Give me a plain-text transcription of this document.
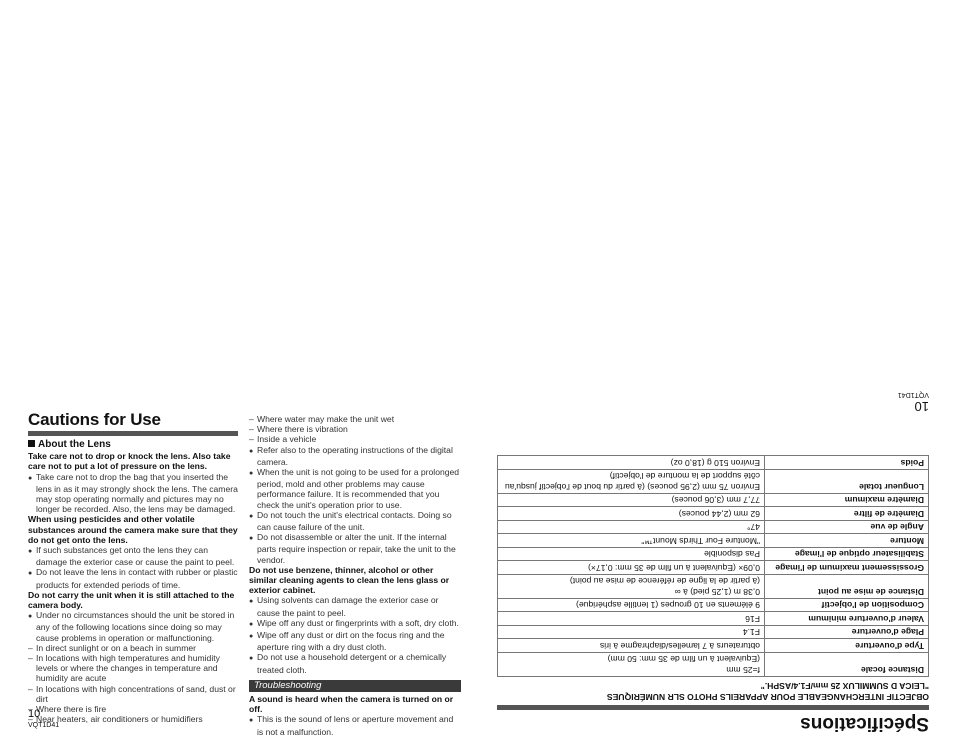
Cautions for Use

About the Lens

Take care not to drop or knock the lens. Also take care not to put a lot of pressure on the lens.

● Take care not to drop the bag that you inserted the lens in as it may strongly shock the lens. The camera may stop operating normally and pictures may no longer be recorded. Also, the lens may be damaged.

When using pesticides and other volatile substances around the camera make sure that they do not get onto the lens.

● If such substances get onto the lens they can damage the exterior case or cause the paint to peel.

● Do not leave the lens in contact with rubber or plastic products for extended periods of time.

Do not carry the unit when it is still attached to the camera body.

● Under no circumstances should the unit be stored in any of the following locations since doing so may cause problems in operation or malfunctioning.

– In direct sunlight or on a beach in summer

– In locations with high temperatures and humidity levels or where the changes in temperature and humidity are acute

– In locations with high concentrations of sand, dust or dirt

– Where there is fire

– Near heaters, air conditioners or humidifiers

– Where water may make the unit wet

– Where there is vibration

– Inside a vehicle

● Refer also to the operating instructions of the digital camera.

● When the unit is not going to be used for a prolonged period, mold and other problems may cause performance failure. It is recommended that you check the unit's operation prior to use.

● Do not touch the unit's electrical contacts. Doing so can cause failure of the unit.

● Do not disassemble or alter the unit. If the internal parts require inspection or repair, take the unit to the vendor.

Do not use benzene, thinner, alcohol or other similar cleaning agents to clean the lens glass or exterior cabinet.

● Using solvents can damage the exterior case or cause the paint to peel.

● Wipe off any dust or fingerprints with a soft, dry cloth.

● Wipe off any dust or dirt on the focus ring and the aperture ring with a dry dust cloth.

● Do not use a household detergent or a chemically treated cloth.

Troubleshooting

A sound is heard when the camera is turned on or off.

● This is the sound of lens or aperture movement and is not a malfunction.

10
VQT1D41	Spécifications
OBJECTIF INTERCHANGEABLE POUR APPAREILS PHOTO SLR NUMÉRIQUES
"LEICA D SUMMILUX 25 mm/F1.4/ASPH."
Distance focale	f=25 mm
(Equivalent à un film de 35 mm: 50 mm)
Type d'ouverture	obturateurs à 7 lamelles/diaphragme à iris
Plage d'ouverture	F1.4
Valeur d'ouverture minimum	F16
Composition de l'objectif	9 éléments en 10 groupes (1 lentille asphérique)
Distance de mise au point	0,38 m (1,25 pied) à ∞
(à partir de la ligne de référence de mise au point)
Grossissement maximum de l'image	0,09× (Equivalent à un film de 35 mm: 0,17×)
Stabilisateur optique de l'image	Pas disponible
Monture	"Monture Four Thirds Mount™"
Angle de vue	47°
Diamètre de filtre	62 mm (2,44 pouces)
Diamètre maximum	77,7 mm (3,06 pouces)
Longueur totale	Environ 75 mm (2,95 pouces) (à partir du bout de l'objectif jusqu'au côté support de la monture de l'objectif)
Poids	Environ 510 g (18,0 oz)
10
VQT1D41
